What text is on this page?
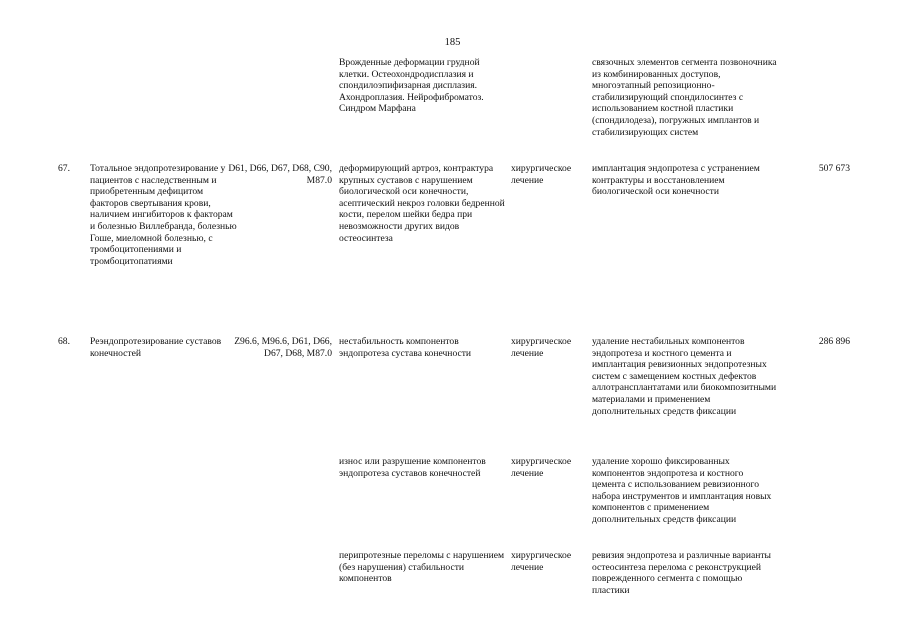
185
Врожденные деформации грудной клетки. Остеохондродисплазия и спондилоэпифизарная дисплазия. Ахондроплазия. Нейрофиброматоз. Синдром Марфана
связочных элементов сегмента позвоночника из комбинированных доступов, многоэтапный репозиционно-стабилизирующий спондилосинтез с использованием костной пластики (спондилодеза), погружных имплантов и стабилизирующих систем
67.	Тотальное эндопротезирование у пациентов с наследственным и приобретенным дефицитом факторов свертывания крови, наличием ингибиторов к факторам и болезнью Виллебранда, болезнью Гоше, миеломной болезнью, с тромбоцитопениями и тромбоцитопатиями
D61, D66, D67, D68, C90, M87.0
деформирующий артроз, контрактура крупных суставов с нарушением биологической оси конечности, асептический некроз головки бедренной кости, перелом шейки бедра при невозможности других видов остеосинтеза
хирургическое лечение
имплантация эндопротеза с устранением контрактуры и восстановлением биологической оси конечности
507 673
68.	Реэндопротезирование суставов конечностей
Z96.6, M96.6, D61, D66, D67, D68, M87.0
286 896
нестабильность компонентов эндопротеза сустава конечности
хирургическое лечение
удаление нестабильных компонентов эндопротеза и костного цемента и имплантация ревизионных эндопротезных систем с замещением костных дефектов аллотрансплантатами или биокомпозитными материалами и применением дополнительных средств фиксации
износ или разрушение компонентов эндопротеза суставов конечностей
хирургическое лечение
удаление хорошо фиксированных компонентов эндопротеза и костного цемента с использованием ревизионного набора инструментов и имплантация новых компонентов с применением дополнительных средств фиксации
перипротезные переломы с нарушением (без нарушения) стабильности компонентов
хирургическое лечение
ревизия эндопротеза и различные варианты остеосинтеза перелома с реконструкцией поврежденного сегмента с помощью пластики
